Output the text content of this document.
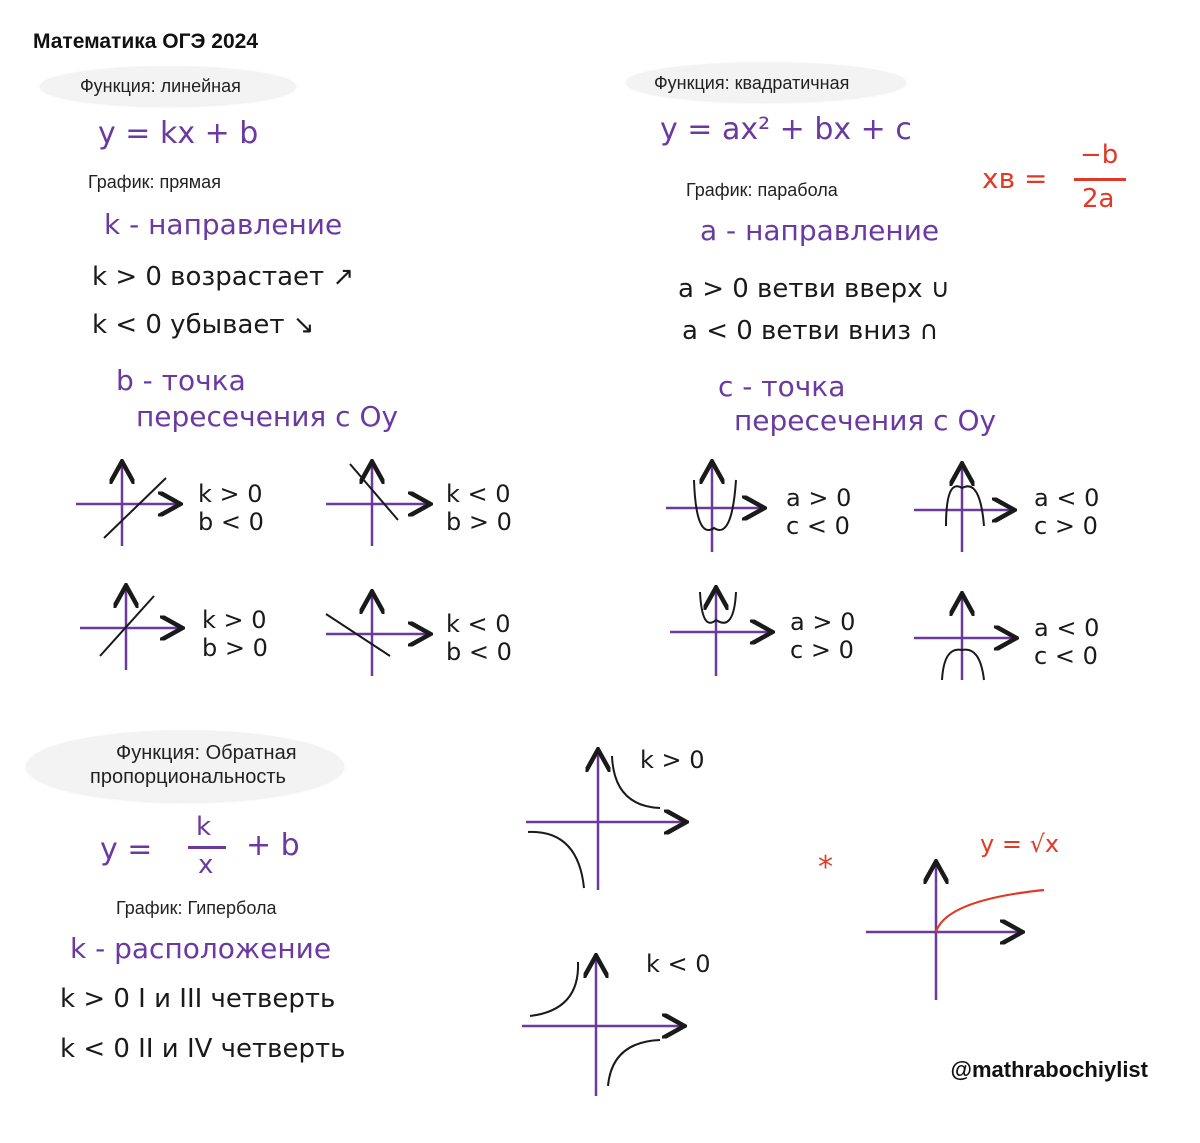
Математика ОГЭ 2024
Функция: линейная
y = kx + b
График: прямая
k - направление
k > 0 возрастает ↗
k < 0 убывает ↘
b - точка
пересечения с Oy
k > 0
b < 0
k < 0
b > 0
k > 0
b > 0
k < 0
b < 0
Функция: квадратичная
y = ax² + bx + c
xв =
−b
2a
График: парабола
a - направление
a > 0 ветви вверх ∪
a < 0 ветви вниз ∩
c - точка
пересечения с Oy
a > 0
c < 0
a < 0
c > 0
a > 0
c > 0
a < 0
c < 0
Функция: Обратная
пропорциональность
y =
k
x
+ b
График: Гипербола
k - расположение
k > 0 I и III четверть
k < 0 II и IV четверть
k > 0
k < 0
*
y = √x
@mathrabochiylist
